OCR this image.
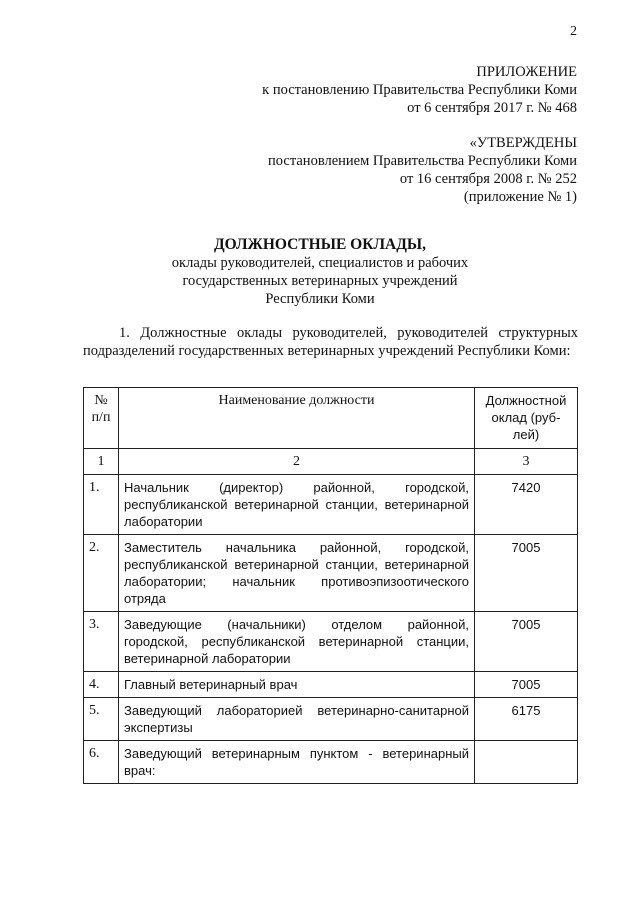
2
ПРИЛОЖЕНИЕ
к постановлению Правительства Республики Коми
от 6 сентября 2017 г. № 468
«УТВЕРЖДЕНЫ
постановлением Правительства Республики Коми
от 16 сентября 2008 г. № 252
(приложение № 1)
ДОЛЖНОСТНЫЕ ОКЛАДЫ,
оклады руководителей, специалистов и рабочих
государственных ветеринарных учреждений
Республики Коми
1. Должностные оклады руководителей, руководителей структурных подразделений государственных ветеринарных учреждений Республики Коми:
№ п/п	Наименование должности	Должностной оклад (руб-лей)
1	2	3
1.	Начальник (директор) районной, городской, республиканской ветеринарной станции, ветеринарной лаборатории	7420
2.	Заместитель начальника районной, городской, республиканской ветеринарной станции, ветеринарной лаборатории; начальник противоэпизоотического отряда	7005
3.	Заведующие (начальники) отделом районной, городской, республиканской ветеринарной станции, ветеринарной лаборатории	7005
4.	Главный ветеринарный врач	7005
5.	Заведующий лабораторией ветеринарно-санитарной экспертизы	6175
6.	Заведующий ветеринарным пунктом - ветеринарный врач:	
